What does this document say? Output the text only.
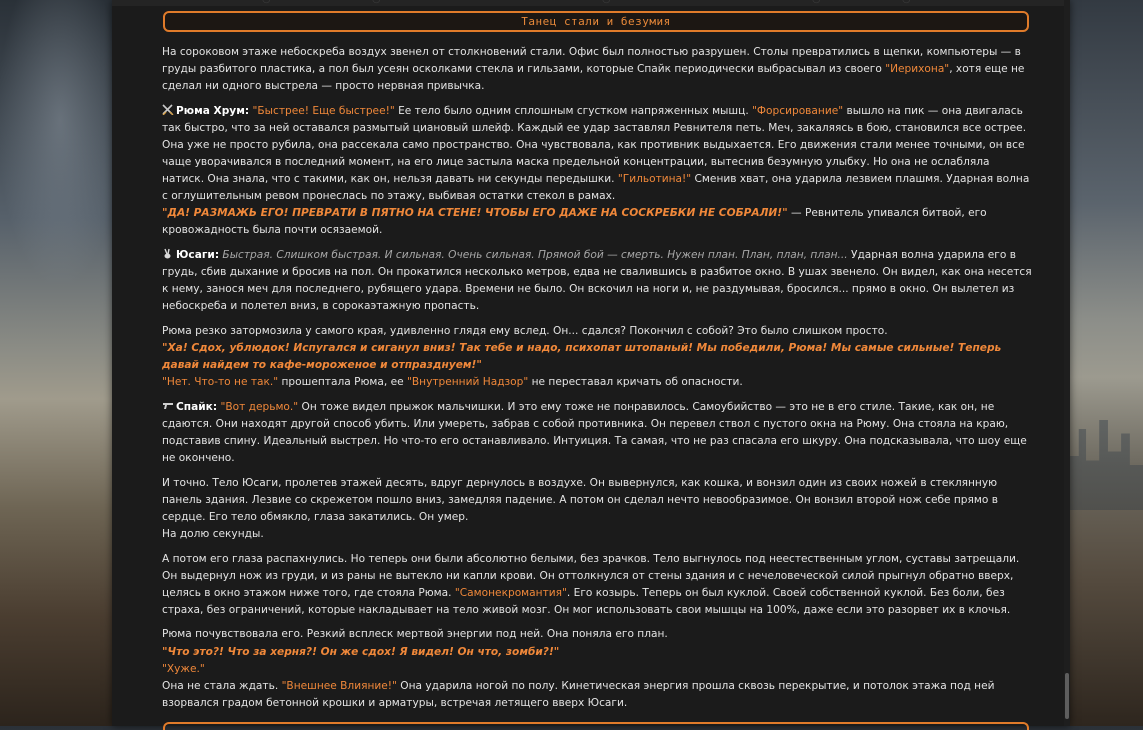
Танец стали и безумия

На сороковом этаже небоскреба воздух звенел от столкновений стали. Офис был полностью разрушен. Столы превратились в щепки, компьютеры — в груды разбитого пластика, а пол был усеян осколками стекла и гильзами, которые Спайк периодически выбрасывал из своего "Иерихона", хотя еще не сделал ни одного выстрела — просто нервная привычка.

Рюма Хрум: "Быстрее! Еще быстрее!" Ее тело было одним сплошным сгустком напряженных мышц. "Форсирование" вышло на пик — она двигалась так быстро, что за ней оставался размытый циановый шлейф. Каждый ее удар заставлял Ревнителя петь. Меч, закаляясь в бою, становился все острее. Она уже не просто рубила, она рассекала само пространство. Она чувствовала, как противник выдыхается. Его движения стали менее точными, он все чаще уворачивался в последний момент, на его лице застыла маска предельной концентрации, вытеснив безумную улыбку. Но она не ослабляла натиск. Она знала, что с такими, как он, нельзя давать ни секунды передышки. "Гильотина!" Сменив хват, она ударила лезвием плашмя. Ударная волна с оглушительным ревом пронеслась по этажу, выбивая остатки стекол в рамах.
"ДА! РАЗМАЖЬ ЕГО! ПРЕВРАТИ В ПЯТНО НА СТЕНЕ! ЧТОБЫ ЕГО ДАЖЕ НА СОСКРЕБКИ НЕ СОБРАЛИ!" — Ревнитель упивался битвой, его кровожадность была почти осязаемой.

Юсаги: Быстрая. Слишком быстрая. И сильная. Очень сильная. Прямой бой — смерть. Нужен план. План, план, план... Ударная волна ударила его в грудь, сбив дыхание и бросив на пол. Он прокатился несколько метров, едва не свалившись в разбитое окно. В ушах звенело. Он видел, как она несется к нему, занося меч для последнего, рубящего удара. Времени не было. Он вскочил на ноги и, не раздумывая, бросился... прямо в окно. Он вылетел из небоскреба и полетел вниз, в сорокаэтажную пропасть.

Рюма резко затормозила у самого края, удивленно глядя ему вслед. Он... сдался? Покончил с собой? Это было слишком просто.
"Ха! Сдох, ублюдок! Испугался и сиганул вниз! Так тебе и надо, психопат штопаный! Мы победили, Рюма! Мы самые сильные! Теперь давай найдем то кафе-мороженое и отпразднуем!"
"Нет. Что-то не так." прошептала Рюма, ее "Внутренний Надзор" не переставал кричать об опасности.

Спайк: "Вот дерьмо." Он тоже видел прыжок мальчишки. И это ему тоже не понравилось. Самоубийство — это не в его стиле. Такие, как он, не сдаются. Они находят другой способ убить. Или умереть, забрав с собой противника. Он перевел ствол с пустого окна на Рюму. Она стояла на краю, подставив спину. Идеальный выстрел. Но что-то его останавливало. Интуиция. Та самая, что не раз спасала его шкуру. Она подсказывала, что шоу еще не окончено.

И точно. Тело Юсаги, пролетев этажей десять, вдруг дернулось в воздухе. Он вывернулся, как кошка, и вонзил один из своих ножей в стеклянную панель здания. Лезвие со скрежетом пошло вниз, замедляя падение. А потом он сделал нечто невообразимое. Он вонзил второй нож себе прямо в сердце. Его тело обмякло, глаза закатились. Он умер.
На долю секунды.

А потом его глаза распахнулись. Но теперь они были абсолютно белыми, без зрачков. Тело выгнулось под неестественным углом, суставы затрещали. Он выдернул нож из груди, и из раны не вытекло ни капли крови. Он оттолкнулся от стены здания и с нечеловеческой силой прыгнул обратно вверх, целясь в окно этажом ниже того, где стояла Рюма. "Самонекромантия". Его козырь. Теперь он был куклой. Своей собственной куклой. Без боли, без страха, без ограничений, которые накладывает на тело живой мозг. Он мог использовать свои мышцы на 100%, даже если это разорвет их в клочья.

Рюма почувствовала его. Резкий всплеск мертвой энергии под ней. Она поняла его план.
"Что это?! Что за херня?! Он же сдох! Я видел! Он что, зомби?!"
"Хуже."
Она не стала ждать. "Внешнее Влияние!" Она ударила ногой по полу. Кинетическая энергия прошла сквозь перекрытие, и потолок этажа под ней взорвался градом бетонной крошки и арматуры, встречая летящего вверх Юсаги.
